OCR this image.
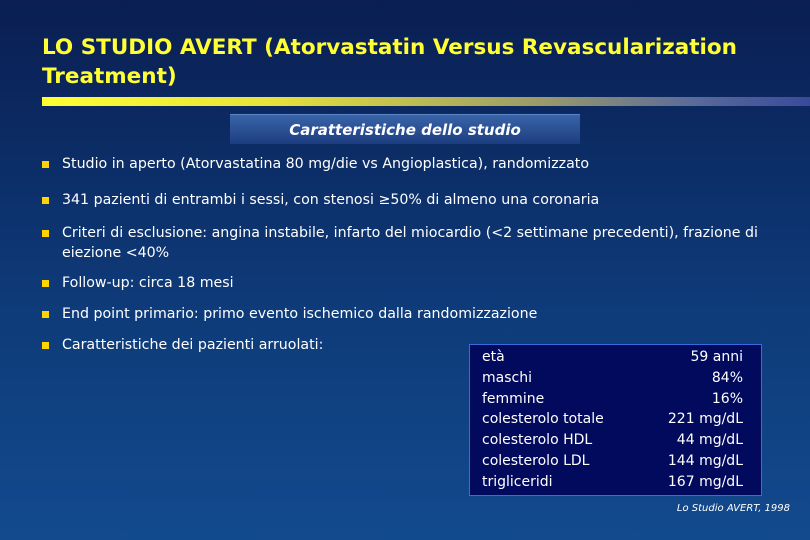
LO STUDIO AVERT (Atorvastatin Versus Revascularization Treatment)
Caratteristiche dello studio
Studio in aperto (Atorvastatina 80 mg/die vs Angioplastica), randomizzato
341 pazienti di entrambi i sessi, con stenosi ≥50% di almeno una coronaria
Criteri di esclusione: angina instabile, infarto del miocardio (<2 settimane precedenti), frazione di eiezione <40%
Follow-up: circa 18 mesi
End point primario: primo evento ischemico dalla randomizzazione
Caratteristiche dei pazienti arruolati:
età	59 anni
maschi	84%
femmine	16%
colesterolo totale	221 mg/dL
colesterolo HDL	44 mg/dL
colesterolo LDL	144 mg/dL
trigliceridi	167 mg/dL
Lo Studio AVERT, 1998
